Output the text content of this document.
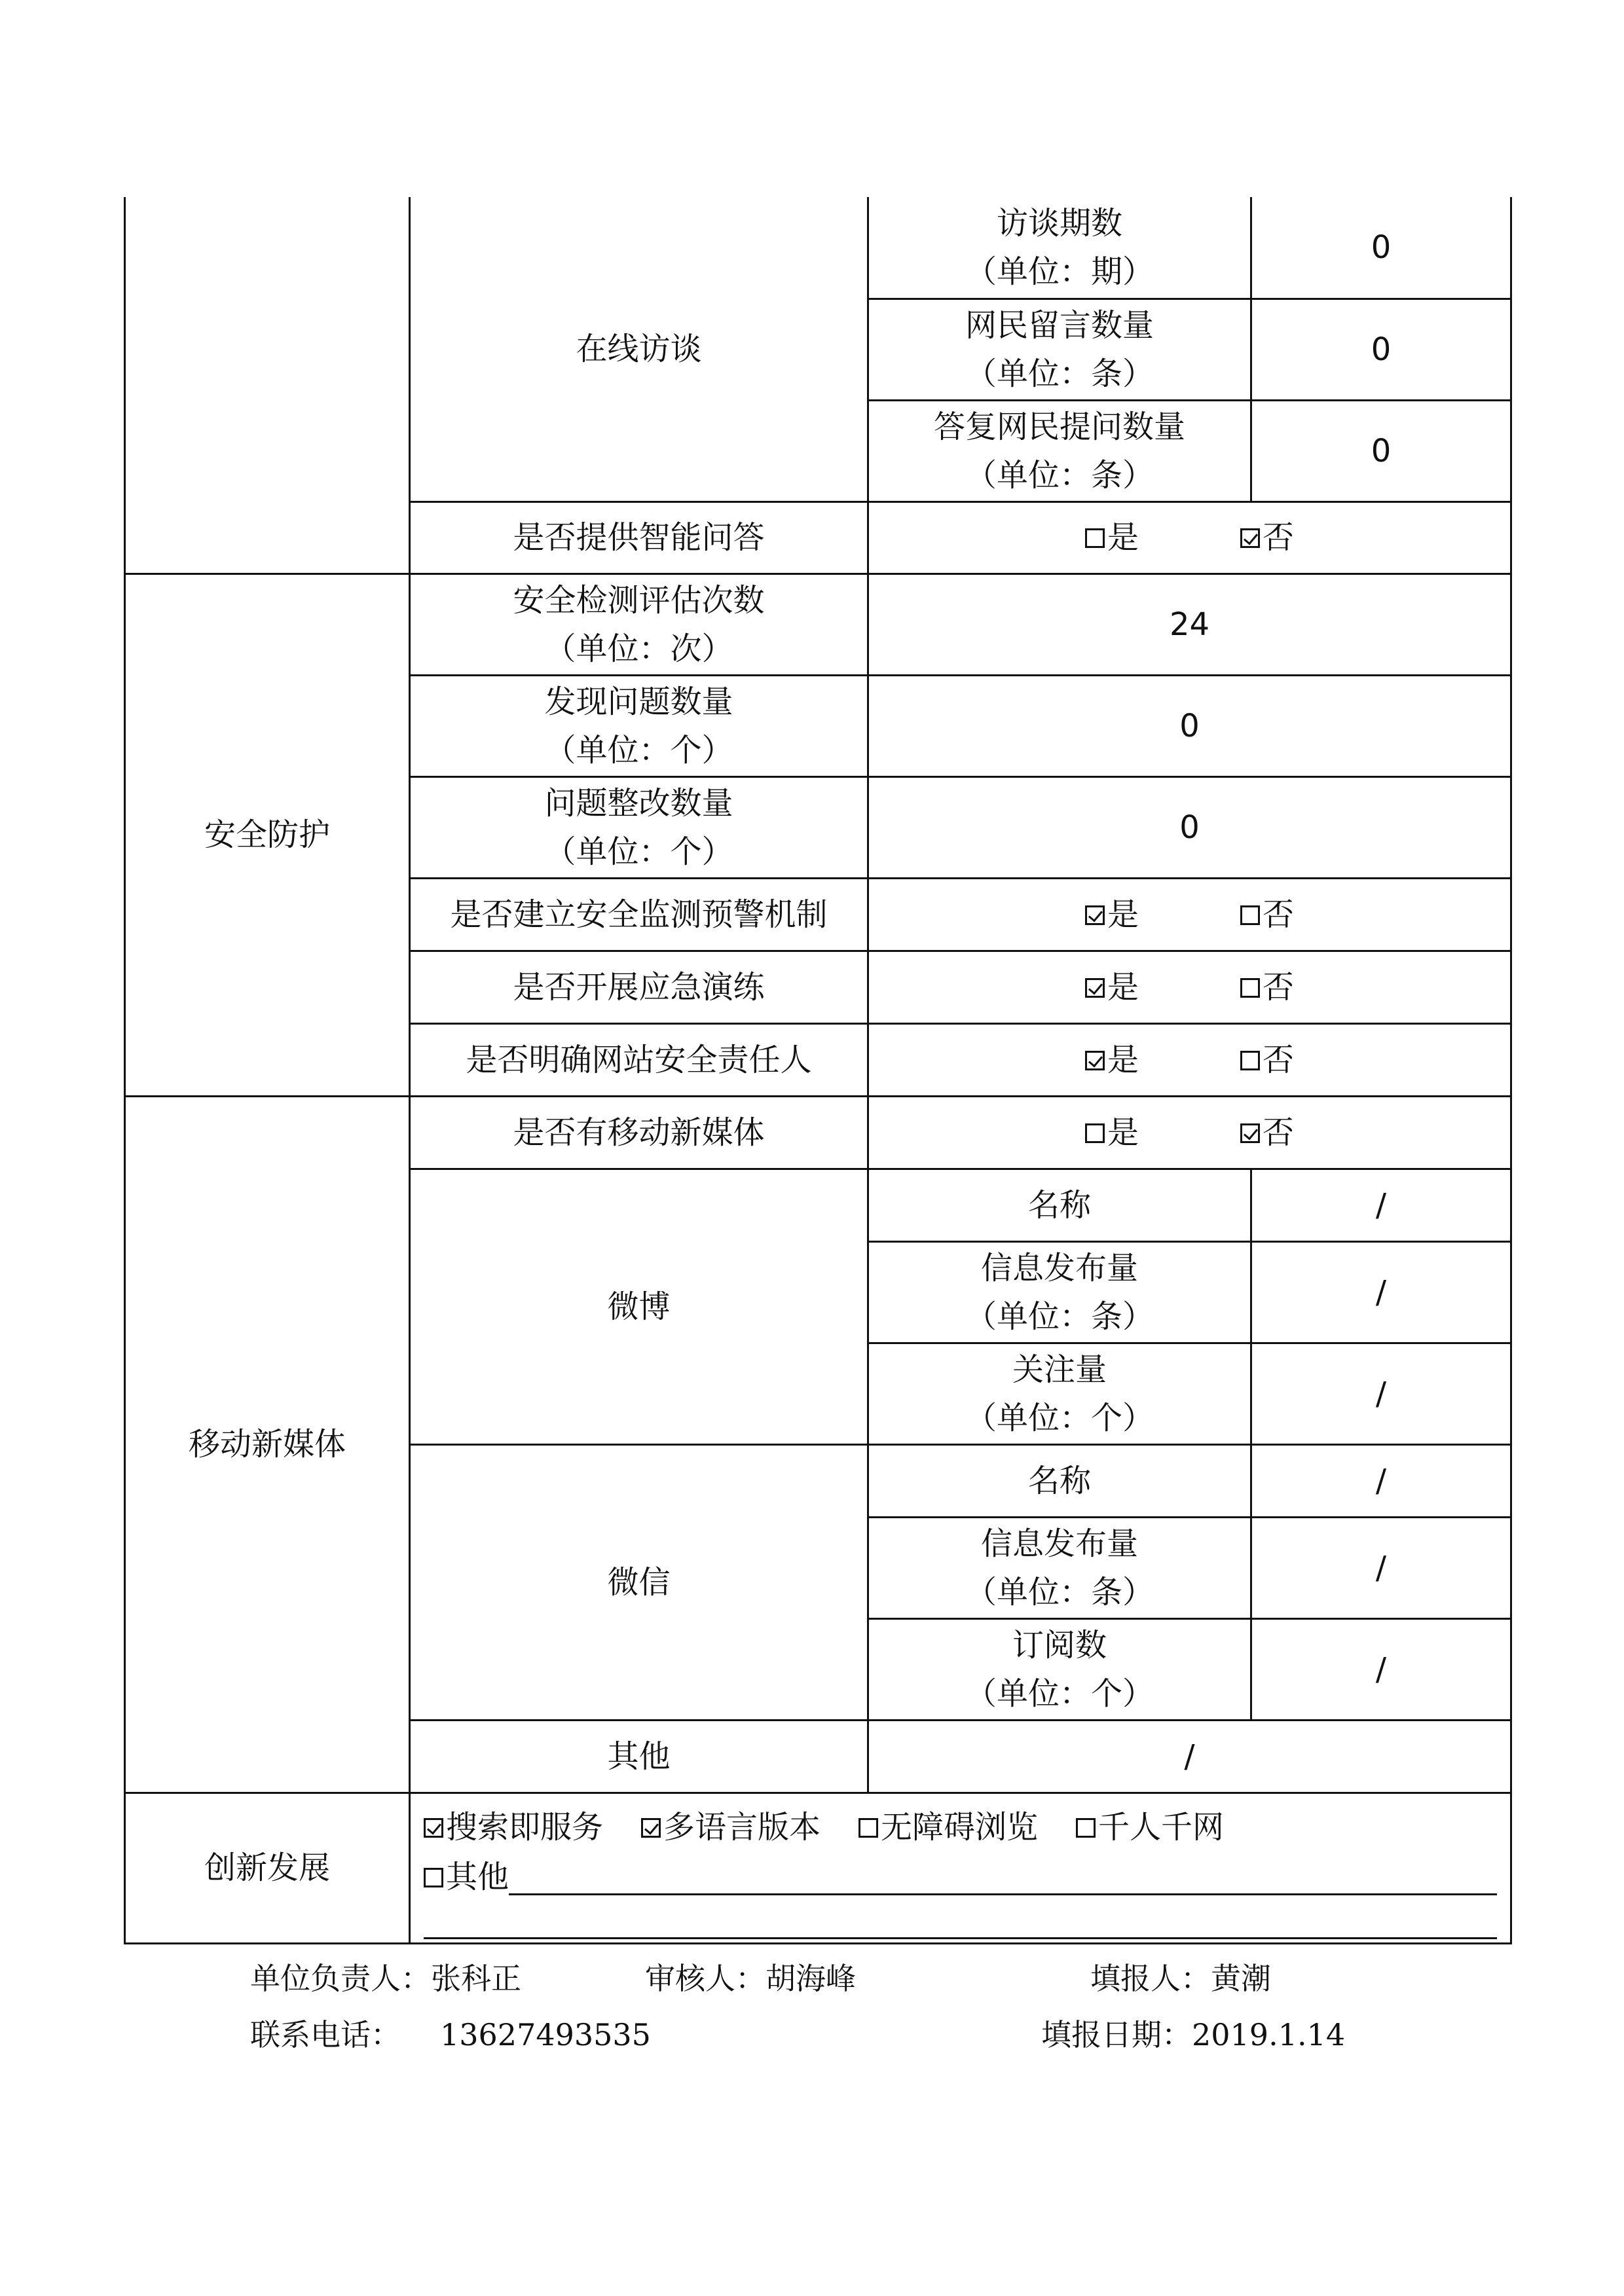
	在线访谈	访谈期数
（单位：期）	0

		网民留言数量
（单位：条）	0

		答复网民提问数量
（单位：条）	0
	是否提供智能问答	是 否	

安全防护	安全检测评估次数
（单位：次）	24	

	发现问题数量
（单位：个）	0	

	问题整改数量
（单位：个）	0	
	是否建立安全监测预警机制	是 否	

	是否开展应急演练	是 否	

	是否明确网站安全责任人	是 否	

移动新媒体	是否有移动新媒体	是 否	

	微博	名称	/

		信息发布量
（单位：条）	/

		关注量
（单位：个）	/
	微信	名称	/

		信息发布量
（单位：条）	/

		订阅数
（单位：个）	/
	其他	/	
创新发展	搜索即服务 多语言版本 无障碍浏览 千人千网
其他		
单位负责人：张科正	审核人：胡海峰	填报人：黄潮
联系电话： 13627493535	填报日期：2019.1.14
